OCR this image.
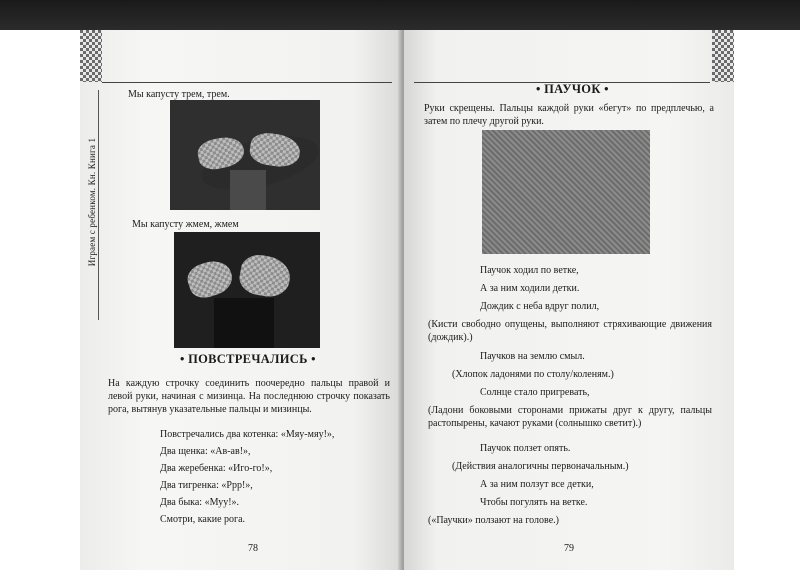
Играем с ребенком. Кн. Книга 1
Мы капусту трем, трем.
Мы капусту жмем, жмем
• ПОВСТРЕЧАЛИСЬ •
На каждую строчку соединить поочередно пальцы правой и левой руки, начиная с мизинца. На последнюю строчку показать рога, вытянув указательные пальцы и мизинцы.
Повстречались два котенка: «Мяу-мяу!»,
Два щенка: «Ав-ав!»,
Два жеребенка: «Иго-го!»,
Два тигренка: «Ррр!»,
Два быка: «Муу!».
Смотри, какие рога.
78
• ПАУЧОК •
Руки скрещены. Пальцы каждой руки «бегут» по предплечью, а затем по плечу другой руки.
Паучок ходил по ветке,
А за ним ходили детки.
Дождик с неба вдруг полил,
(Кисти свободно опущены, выполняют стряхивающие движения (дождик).)
Паучков на землю смыл.
(Хлопок ладонями по столу/коленям.)
Солнце стало пригревать,
(Ладони боковыми сторонами прижаты друг к другу, пальцы растопырены, качают руками (солнышко светит).)
Паучок ползет опять.
(Действия аналогичны первоначальным.)
А за ним ползут все детки,
Чтобы погулять на ветке.
(«Паучки» ползают на голове.)
79
